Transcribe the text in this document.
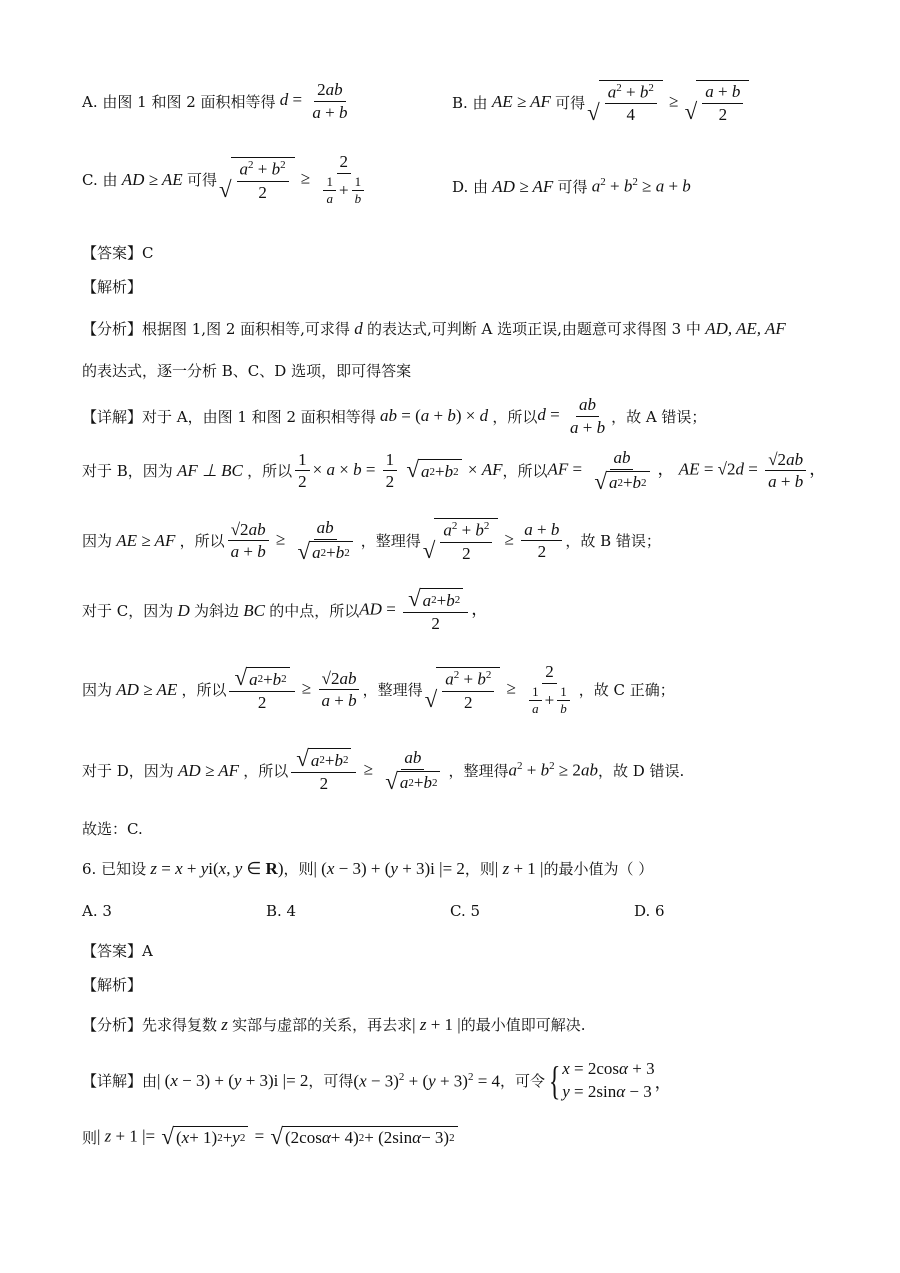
A. 由图 1 和图 2 面积相等得 $d = \frac{2ab}{a + b}$	B. 由 AE ≥ AF 可得 √ $\frac{a^2 + b^2}{4}$ ≥ √ $\frac{a + b}{2}$
C. 由 AD ≥ AE 可得 √ $\frac{a^2 + b^2}{2} \ge \frac{2}{\frac{1}{a} + \frac{1}{b}}$	D. 由 AD ≥ AF 可得 $a^2 + b^2 \ge a + b$
【答案】C
【解析】
【分析】根据图 1,图 2 面积相等,可求得 d 的表达式,可判断 A 选项正误,由题意可求得图 3 中 AD, AE, AF
的表达式，逐一分析 B、C、D 选项，即可得答案
【详解】对于 A，由图 1 和图 2 面积相等得 ab = (a + b) × d ，所以 $d = \frac{ab}{a + b}$ ，故 A 错误；
对于 B，因为 AF ⊥ BC ，所以 $\frac{1}{2} \times a \times b = \frac{1}{2}$
√ a 2 + b 2 × AF ，所以 AF = $\frac{ab}{√ a 2 + b 2}$ ， AE = $√2d = \frac{√2ab}{a + b}$ ，
因为 AE ≥ AF ，所以 $\frac{√2ab}{a + b} \ge \frac{ab}{√ a 2 + b 2}$ ，整理得 √ $\frac{a^2 + b^2}{2} \ge \frac{a + b}{2}$ ，故 B 错误；
对于 C，因为 D 为斜边 BC 的中点，所以 AD = $\frac{√ a 2 + b 2}{2}$ ，
因为 AD ≥ AE ，所以 $\frac{√ a 2 + b 2}{2} \ge \frac{√2ab}{a + b}$ ，整理得 √ $\frac{a^2 + b^2}{2} \ge \frac{2}{\frac{1}{a} + \frac{1}{b}}$ ，故 C 正确；
对于 D，因为 AD ≥ AF ，所以 $\frac{√ a 2 + b 2}{2} \ge \frac{ab}{√ a 2 + b 2}$ ，整理得 $a^2 + b^2 \ge 2ab$ ，故 D 错误.
故选：C.
6. 已知设 z = x + yi(x, y ∈ R) ，则 | (x − 3) + (y + 3)i |= 2 ，则 | z + 1 | 的最小值为（ ）
A. 3	B. 4	C. 5	D. 6
【答案】A
【解析】
【分析】先求得复数 z 实部与虚部的关系，再去求 | z + 1 | 的最小值即可解决.
【详解】由 | (x − 3) + (y + 3)i |= 2 ，可得 $(x - 3)^2 + (y + 3)^2 = 4$ ，可令 { x = 2cosα + 3
y = 2sinα − 3 ，
则 | z + 1 |= √ ( x + 1) 2 + y 2 = √ (2cos α + 4) 2 + (2sin α − 3) 2
